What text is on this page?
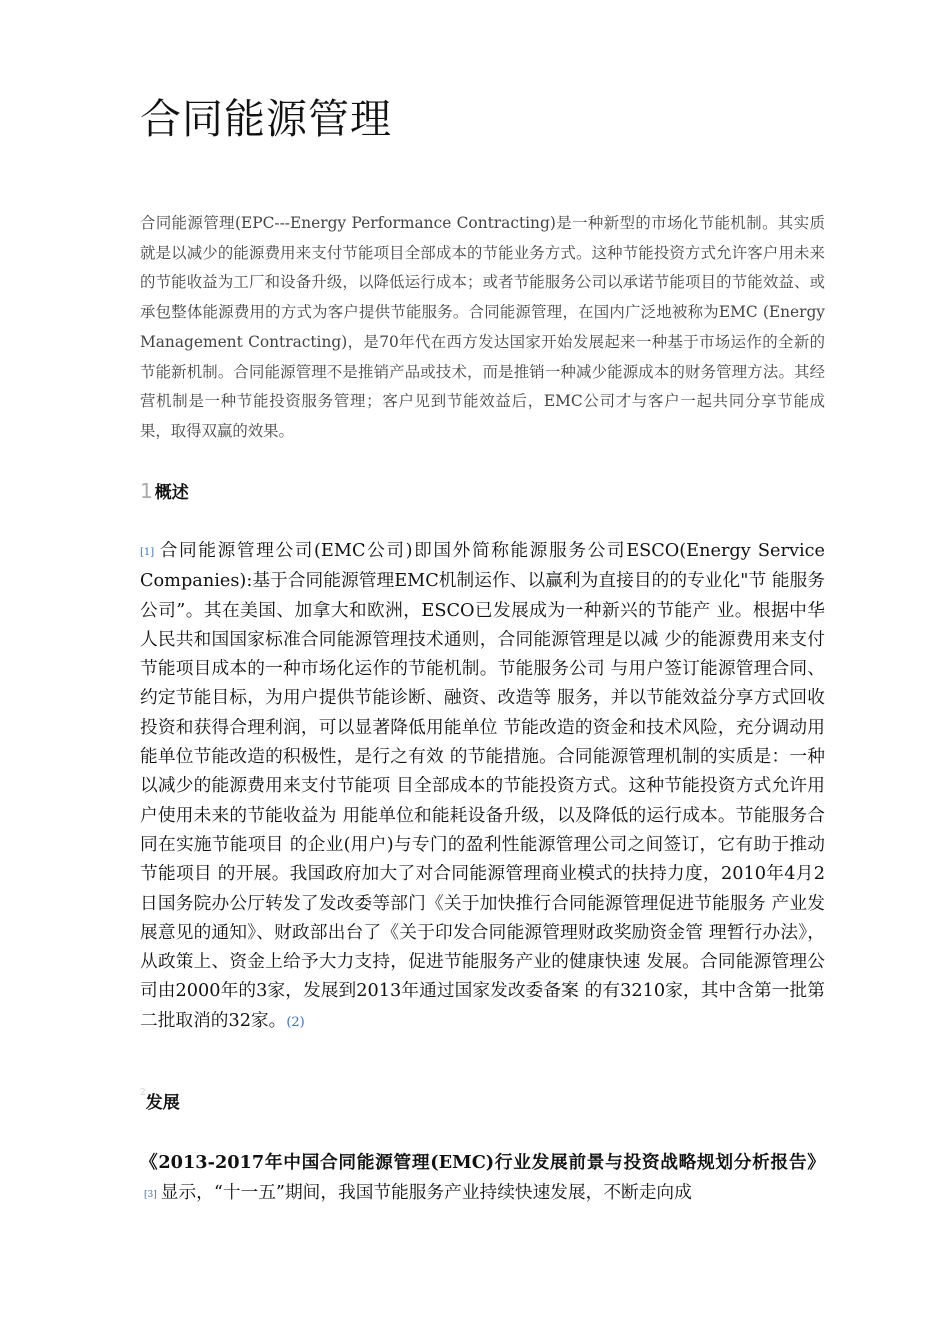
合同能源管理

合同能源管理(EPC---Energy Performance Contracting)是一种新型的市场化节能机制。其实质就是以减少的能源费用来支付节能项目全部成本的节能业务方式。这种节能投资方式允许客户用未来的节能收益为工厂和设备升级，以降低运行成本；或者节能服务公司以承诺节能项目的节能效益、或承包整体能源费用的方式为客户提供节能服务。合同能源管理，在国内广泛地被称为EMC (Energy Management Contracting)，是70年代在西方发达国家开始发展起来一种基于市场运作的全新的节能新机制。合同能源管理不是推销产品或技术，而是推销一种减少能源成本的财务管理方法。其经营机制是一种节能投资服务管理；客户见到节能效益后，EMC公司才与客户一起共同分享节能成果，取得双赢的效果。

1 概述

[1] 合同能源管理公司(EMC公司)即国外简称能源服务公司ESCO(Energy Service Companies):基于合同能源管理EMC机制运作、以赢利为直接目的的专业化"节 能服务公司”。其在美国、加拿大和欧洲，ESCO已发展成为一种新兴的节能产 业。根据中华人民共和国国家标准合同能源管理技术通则，合同能源管理是以减 少的能源费用来支付节能项目成本的一种市场化运作的节能机制。节能服务公司 与用户签订能源管理合同、约定节能目标，为用户提供节能诊断、融资、改造等 服务，并以节能效益分享方式回收投资和获得合理利润，可以显著降低用能单位 节能改造的资金和技术风险，充分调动用能单位节能改造的积极性，是行之有效 的节能措施。合同能源管理机制的实质是：一种以减少的能源费用来支付节能项 目全部成本的节能投资方式。这种节能投资方式允许用户使用未来的节能收益为 用能单位和能耗设备升级，以及降低的运行成本。节能服务合同在实施节能项目 的企业(用户)与专门的盈利性能源管理公司之间签订，它有助于推动节能项目 的开展。我国政府加大了对合同能源管理商业模式的扶持力度，2010年4月2 日国务院办公厅转发了发改委等部门《关于加快推行合同能源管理促进节能服务 产业发展意见的通知》、财政部出台了《关于印发合同能源管理财政奖励资金管 理暂行办法》，从政策上、资金上给予大力支持，促进节能服务产业的健康快速 发展。合同能源管理公司由2000年的3家，发展到2013年通过国家发改委备案 的有3210家，其中含第一批第二批取消的32家。(2)

$^2$发展

《2013-2017年中国合同能源管理(EMC)行业发展前景与投资战略规划分析报告》[3] 显示，“十一五”期间，我国节能服务产业持续快速发展，不断走向成
